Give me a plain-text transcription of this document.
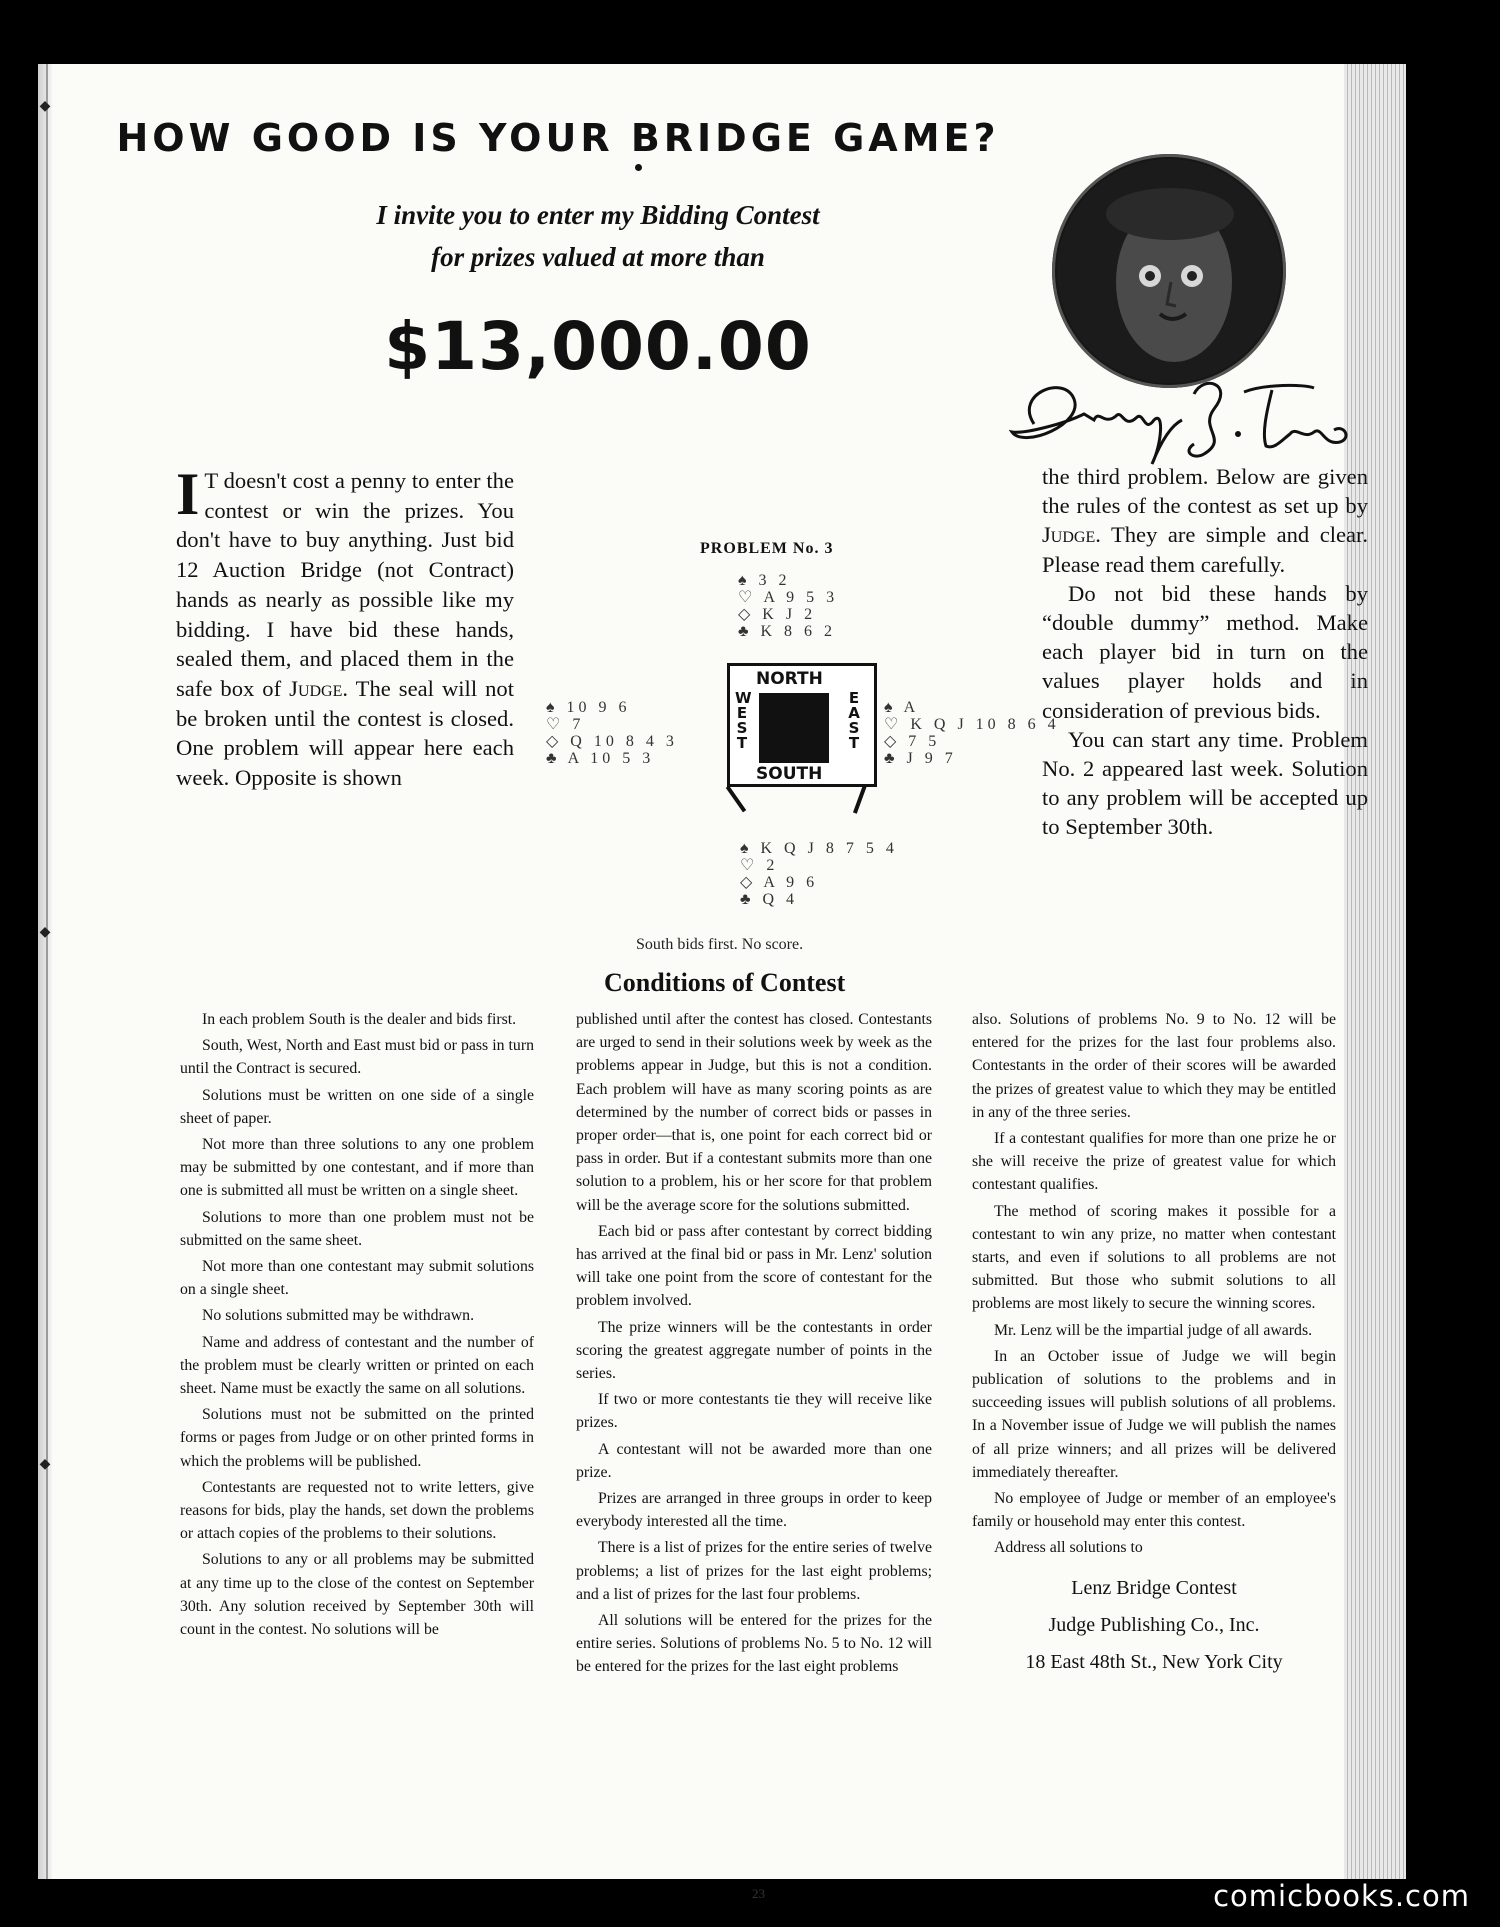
◆
◆
◆
HOW GOOD IS YOUR BRIDGE GAME?
I invite you to enter my Bidding Contest
for prizes valued at more than
$13,000.00
I T doesn't cost a penny to enter the contest or win the prizes. You don't have to buy anything. Just bid 12 Auction Bridge (not Contract) hands as nearly as possible like my bidding. I have bid these hands, sealed them, and placed them in the safe box of Judge. The seal will not be broken until the contest is closed. One problem will appear here each week. Opposite is shown
PROBLEM No. 3
♠ 3 2
♡ A 9 5 3
◇ K J 2
♣ K 8 6 2
♠ 10 9 6
♡ 7
◇ Q 10 8 4 3
♣ A 10 5 3
♠ A
♡ K Q J 10 8 6 4
◇ 7 5
♣ J 9 7
NORTH
SOUTH
WEST
EAST
♠ K Q J 8 7 5 4
♡ 2
◇ A 9 6
♣ Q 4
South bids first. No score.

the third problem. Below are given the rules of the contest as set up by Judge. They are simple and clear. Please read them carefully.

Do not bid these hands by “double dummy” method. Make each player bid in turn on the values player holds and in consideration of previous bids.

You can start any time. Problem No. 2 appeared last week. Solution to any problem will be accepted up to September 30th.

Conditions of Contest

In each problem South is the dealer and bids first.

South, West, North and East must bid or pass in turn until the Contract is secured.

Solutions must be written on one side of a single sheet of paper.

Not more than three solutions to any one problem may be submitted by one contestant, and if more than one is submitted all must be written on a single sheet.

Solutions to more than one problem must not be submitted on the same sheet.

Not more than one contestant may submit solutions on a single sheet.

No solutions submitted may be withdrawn.

Name and address of contestant and the number of the problem must be clearly written or printed on each sheet. Name must be exactly the same on all solutions.

Solutions must not be submitted on the printed forms or pages from Judge or on other printed forms in which the problems will be published.

Contestants are requested not to write letters, give reasons for bids, play the hands, set down the problems or attach copies of the problems to their solutions.

Solutions to any or all problems may be submitted at any time up to the close of the contest on September 30th. Any solution received by September 30th will count in the contest. No solutions will be

published until after the contest has closed. Contestants are urged to send in their solutions week by week as the problems appear in Judge, but this is not a condition. Each problem will have as many scoring points as are determined by the number of correct bids or passes in proper order—that is, one point for each correct bid or pass in order. But if a contestant submits more than one solution to a problem, his or her score for that problem will be the average score for the solutions submitted.

Each bid or pass after contestant by correct bidding has arrived at the final bid or pass in Mr. Lenz' solution will take one point from the score of contestant for the problem involved.

The prize winners will be the contestants in order scoring the greatest aggregate number of points in the series.

If two or more contestants tie they will receive like prizes.

A contestant will not be awarded more than one prize.

Prizes are arranged in three groups in order to keep everybody interested all the time.

There is a list of prizes for the entire series of twelve problems; a list of prizes for the last eight problems; and a list of prizes for the last four problems.

All solutions will be entered for the prizes for the entire series. Solutions of problems No. 5 to No. 12 will be entered for the prizes for the last eight problems

also. Solutions of problems No. 9 to No. 12 will be entered for the prizes for the last four problems also. Contestants in the order of their scores will be awarded the prizes of greatest value to which they may be entitled in any of the three series.

If a contestant qualifies for more than one prize he or she will receive the prize of greatest value for which contestant qualifies.

The method of scoring makes it possible for a contestant to win any prize, no matter when contestant starts, and even if solutions to all problems are not submitted. But those who submit solutions to all problems are most likely to secure the winning scores.

Mr. Lenz will be the impartial judge of all awards.

In an October issue of Judge we will begin publication of solutions to the problems and in succeeding issues will publish solutions of all problems. In a November issue of Judge we will publish the names of all prize winners; and all prizes will be delivered immediately thereafter.

No employee of Judge or member of an employee's family or household may enter this contest.

Address all solutions to

Lenz Bridge Contest
Judge Publishing Co., Inc.
18 East 48th St., New York City
23	comicbooks.com
